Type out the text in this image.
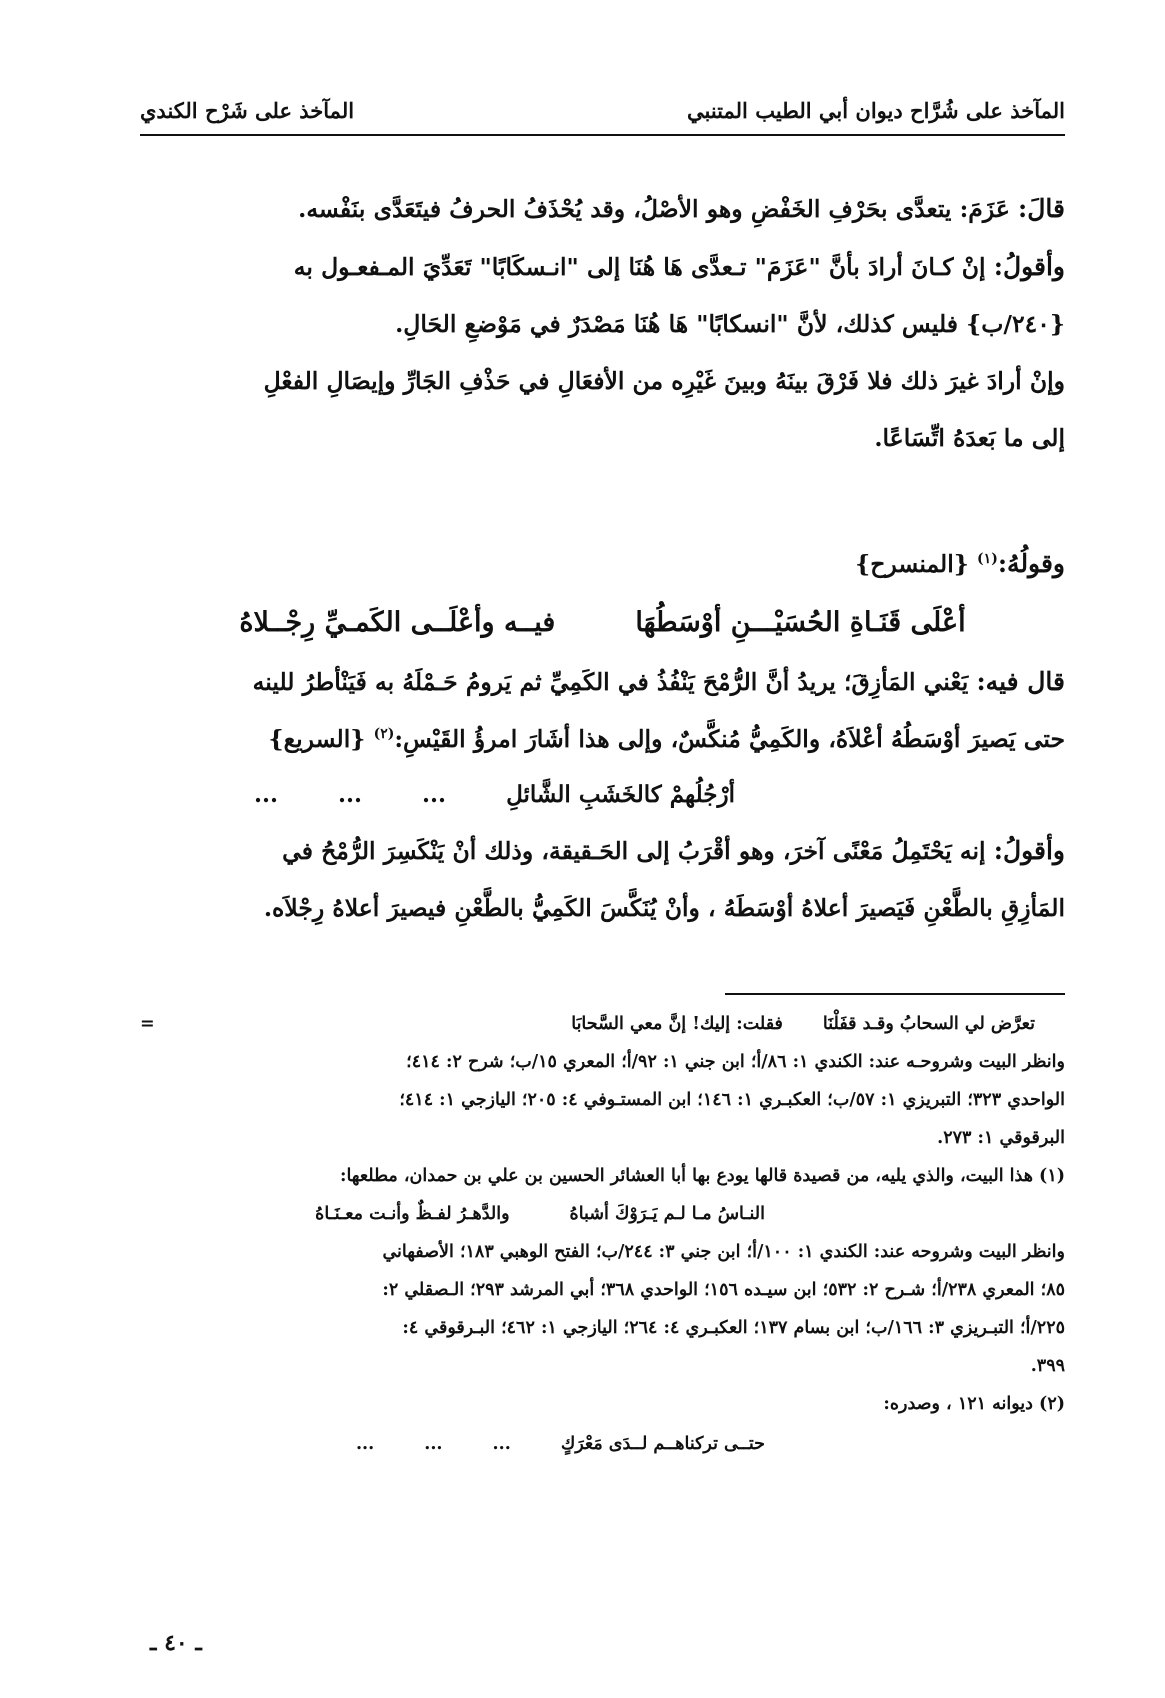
المآخذ على شُرَّاح ديوان أبي الطيب المتنبي
المآخذ على شَرْح الكندي

قالَ: عَزَمَ: يتعدَّى بحَرْفِ الخَفْضِ وهو الأصْلُ، وقد يُحْذَفُ الحرفُ فيتَعَدَّى بنَفْسه.

وأقولُ: إنْ كـانَ أرادَ بأنَّ "عَزَمَ" تـعدَّى هَا هُنَا إلى "انـسكَابًا" تَعَدِّيَ المـفعـول به

{٢٤٠/ب} فليس كذلك، لأنَّ "انسكابًا" هَا هُنَا مَصْدَرٌ في مَوْضعِ الحَالِ.

وإنْ أرادَ غيرَ ذلك فلا فَرْقَ بينَهُ وبينَ غَيْرِه من الأفعَالِ في حَذْفِ الجَارِّ وإيصَالِ الفعْلِ

إلى ما بَعدَهُ اتِّسَاعًا.

وقولُهُ:$^{(١)}$ {المنسرح}

أعْلَى قَنَـاةِ الحُسَيْـــنِ أوْسَطُهَا
فيــه وأعْلَــى الكَمـيِّ رِجْــلاهُ

قال فيه: يَعْني المَأزِقَ؛ يريدُ أنَّ الرُّمْحَ يَنْفُذُ في الكَمِيِّ ثم يَرومُ حَـمْلَهُ به فَيَنْأطرُ للينه

حتى يَصيرَ أوْسَطُهُ أعْلاَهُ، والكَمِيُّ مُنكَّسٌ، وإلى هذا أشَارَ امرؤُ القَيْسِ:$^{(٢)}$ {السريع}

أرْجُلُهمْ كالخَشَبِ الشَّائلِ
...
...
...

وأقولُ: إنه يَحْتَمِلُ مَعْنًى آخرَ، وهو أقْرَبُ إلى الحَـقيقة، وذلك أنْ يَنْكَسِرَ الرُّمْحُ في

المَأزِقِ بالطَّعْنِ فَيَصيرَ أعلاهُ أوْسَطَهُ ، وأنْ يُنَكَّسَ الكَمِيُّ بالطَّعْنِ فيصيرَ أعلاهُ رِجْلاَه.

تعرَّض لي السحابُ وقـد قفَلْنَا
فقلت: إليك! إنَّ معي السَّحابَا
=

وانظر البيت وشروحـه عند: الكندي ١: ٨٦/أ؛ ابن جني ١: ٩٢/أ؛ المعري ١٥/ب؛ شرح ٢: ٤١٤؛

الواحدي ٣٢٣؛ التبريزي ١: ٥٧/ب؛ العكبـري ١: ١٤٦؛ ابن المستـوفي ٤: ٢٠٥؛ اليازجي ١: ٤١٤؛

البرقوقي ١: ٢٧٣.

(١) هذا البيت، والذي يليه، من قصيدة قالها يودع بها أبا العشائر الحسين بن علي بن حمدان، مطلعها:

النـاسُ مـا لـم يَـرَوْكَ أشباهُ
والدَّهـرُ لفـظٌ وأنـت معـنَـاهُ

وانظر البيت وشروحه عند: الكندي ١: ١٠٠/أ؛ ابن جني ٣: ٢٤٤/ب؛ الفتح الوهبي ١٨٣؛ الأصفهاني

٨٥؛ المعري ٢٣٨/أ؛ شـرح ٢: ٥٣٢؛ ابن سيـده ١٥٦؛ الواحدي ٣٦٨؛ أبي المرشد ٢٩٣؛ الـصقلي ٢:

٢٢٥/أ؛ التبـريزي ٣: ١٦٦/ب؛ ابن بسام ١٣٧؛ العكبـري ٤: ٢٦٤؛ اليازجي ١: ٤٦٢؛ البـرقوقي ٤:

٣٩٩.

(٢) ديوانه ١٢١ ، وصدره:

حتــى تركناهــم لــدَى مَعْرَكٍ
...
...
...
ـ ٤٠ ـ
